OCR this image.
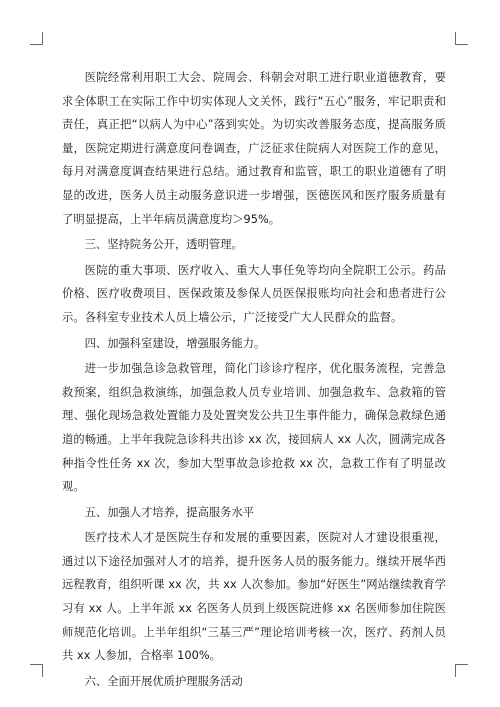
医院经常利用职工大会、院周会、科朝会对职工进行职业道德教育，要求全体职工在实际工作中切实体现人文关怀，践行“五心”服务，牢记职责和责任，真正把“以病人为中心”落到实处。为切实改善服务态度，提高服务质量，医院定期进行满意度问卷调查，广泛征求住院病人对医院工作的意见，每月对满意度调查结果进行总结。通过教育和监管，职工的职业道德有了明显的改进，医务人员主动服务意识进一步增强，医德医风和医疗服务质量有了明显提高，上半年病员满意度均＞95%。

三、坚持院务公开，透明管理。

医院的重大事项、医疗收入、重大人事任免等均向全院职工公示。药品价格、医疗收费项目、医保政策及参保人员医保报账均向社会和患者进行公示。各科室专业技术人员上墙公示，广泛接受广大人民群众的监督。

四、加强科室建设，增强服务能力。

进一步加强急诊急救管理，简化门诊诊疗程序，优化服务流程，完善急救预案，组织急救演练，加强急救人员专业培训、加强急救车、急救箱的管理、强化现场急救处置能力及处置突发公共卫生事件能力，确保急救绿色通道的畅通。上半年我院急诊科共出诊 xx 次，接回病人 xx 人次，圆满完成各种指令性任务 xx 次，参加大型事故急诊抢救 xx 次，急救工作有了明显改观。

五、加强人才培养，提高服务水平

医疗技术人才是医院生存和发展的重要因素，医院对人才建设很重视，通过以下途径加强对人才的培养，提升医务人员的服务能力。继续开展华西远程教育，组织听课 xx 次，共 xx 人次参加。参加“好医生”网站继续教育学习有 xx 人。上半年派 xx 名医务人员到上级医院进修 xx 名医师参加住院医师规范化培训。上半年组织“三基三严”理论培训考核一次，医疗、药剂人员共 xx 人参加，合格率 100%。

六、全面开展优质护理服务活动
